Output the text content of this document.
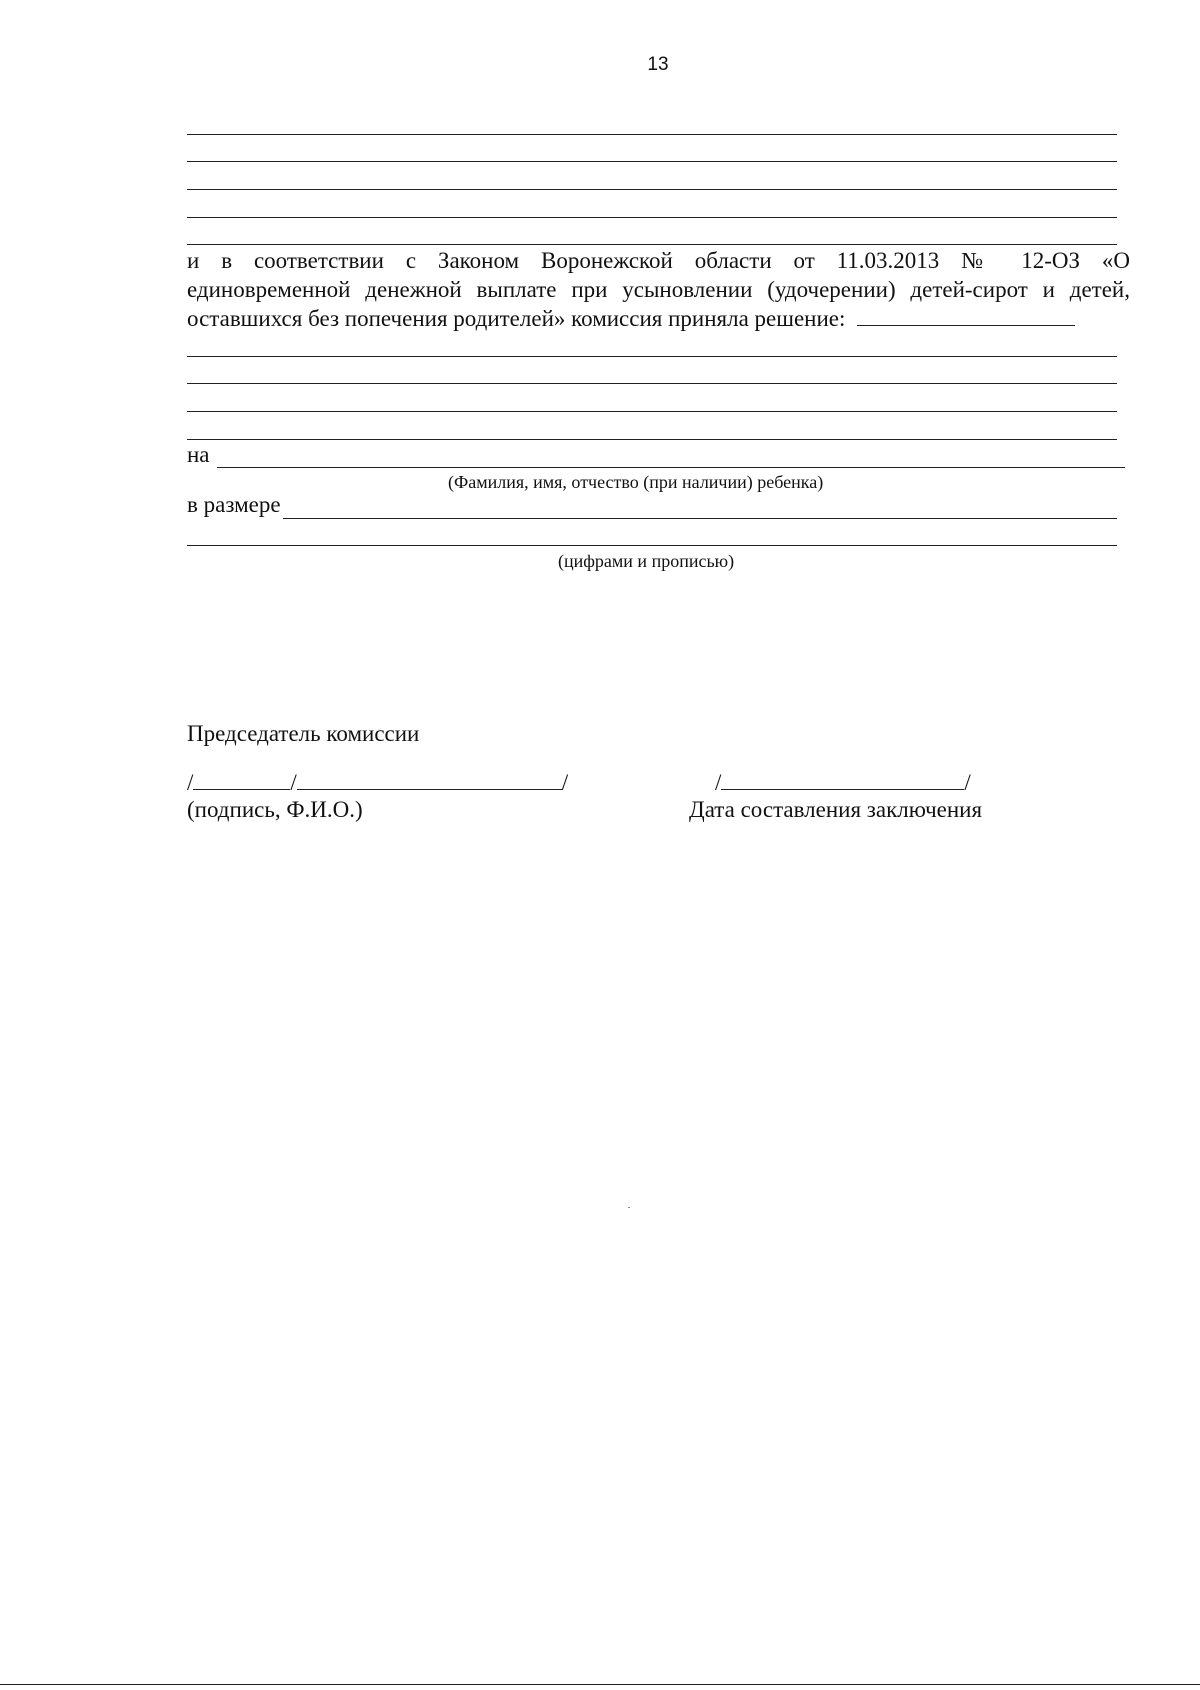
13
и в соответствии с Законом Воронежской области от 11.03.2013 № 12-ОЗ «О
единовременной денежной выплате при усыновлении (удочерении) детей-сирот и детей,
оставшихся без попечения родителей» комиссия приняла решение:
на
(Фамилия, имя, отчество (при наличии) ребенка)
в размере
(цифрами и прописью)
Председатель комиссии
/	/	/	/	/
(подпись, Ф.И.О.)	Дата составления заключения
